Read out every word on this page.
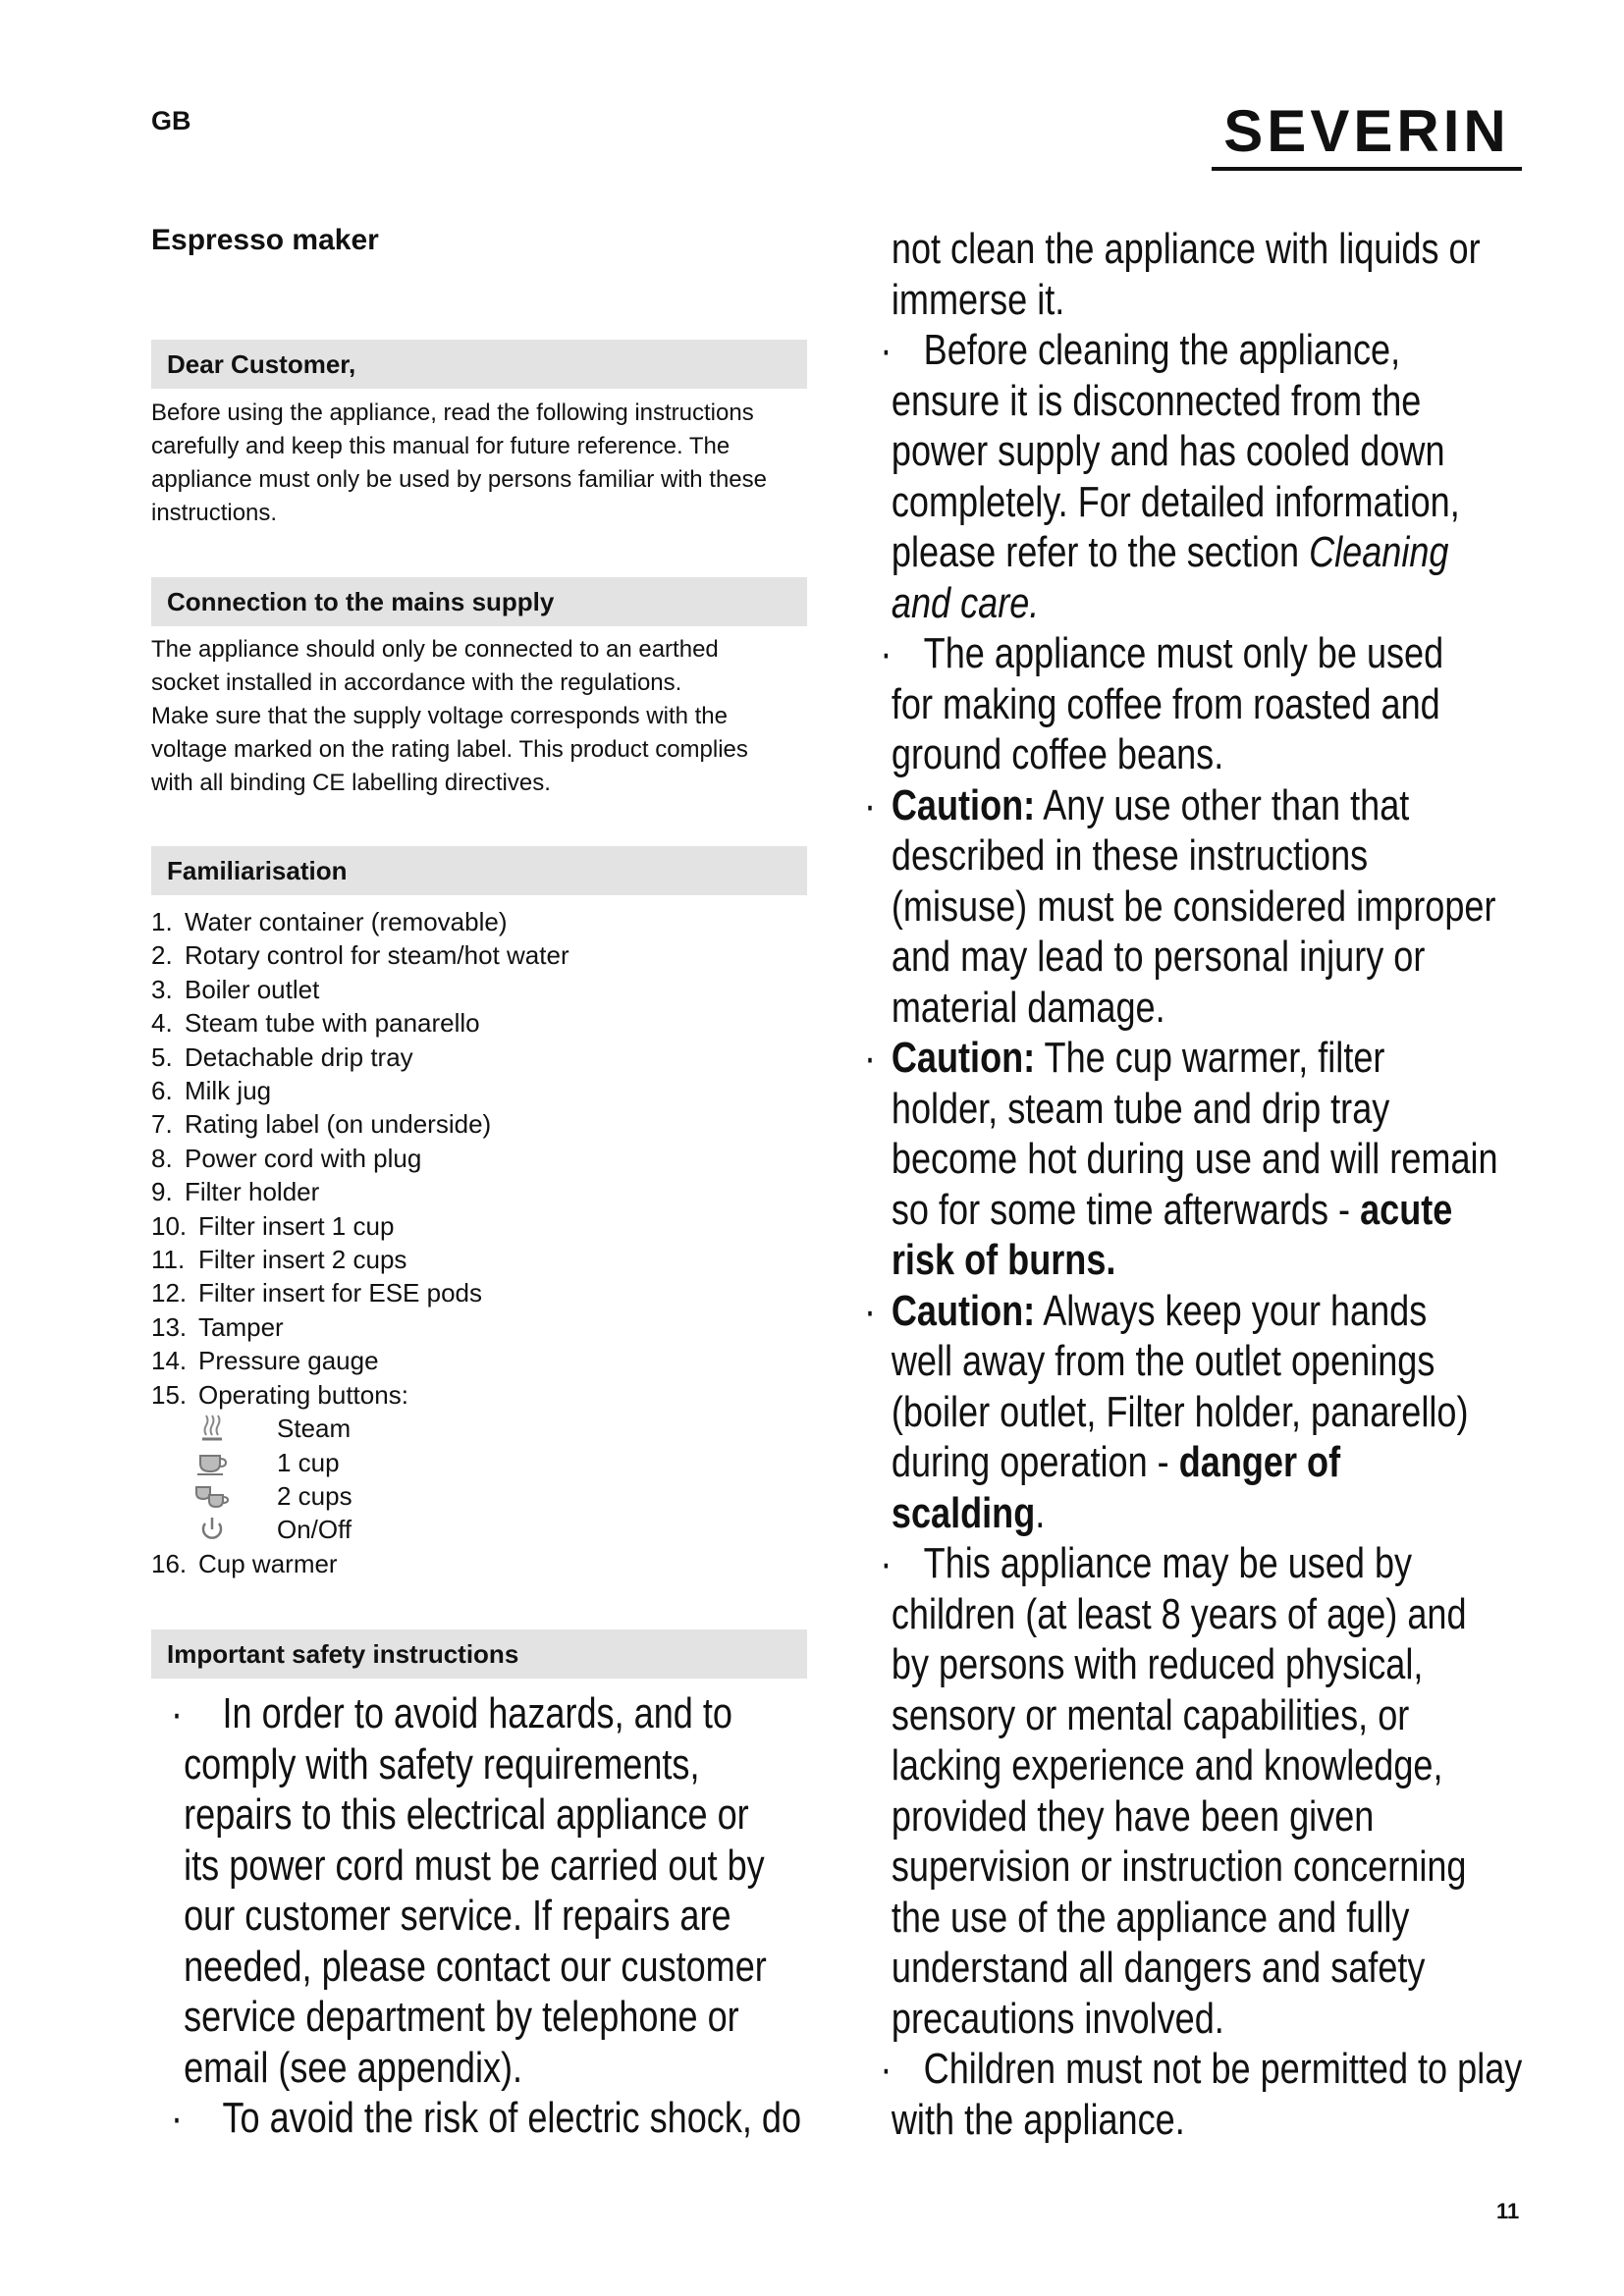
GB	SEVERIN
Espresso maker
Dear Customer,

Before using the appliance, read the following instructions

carefully and keep this manual for future reference. The

appliance must only be used by persons familiar with these

instructions.

Connection to the mains supply

The appliance should only be connected to an earthed

socket installed in accordance with the regulations.

Make sure that the supply voltage corresponds with the

voltage marked on the rating label. This product complies

with all binding CE labelling directives.

Familiarisation
1. Water container (removable)
2. Rotary control for steam/hot water
3. Boiler outlet
4. Steam tube with panarello
5. Detachable drip tray
6. Milk jug
7. Rating label (on underside)
8. Power cord with plug
9. Filter holder
10. Filter insert 1 cup
11. Filter insert 2 cups
12. Filter insert for ESE pods
13. Tamper
14. Pressure gauge
15. Operating buttons:
Steam
1 cup
2 cups
On/Off
16. Cup warmer
Important safety instructions
· In order to avoid hazards, and to
comply with safety requirements,
repairs to this electrical appliance or
its power cord must be carried out by
our customer service. If repairs are
needed, please contact our customer
service department by telephone or
email (see appendix).
· To avoid the risk of electric shock, do
not clean the appliance with liquids or
immerse it.
· Before cleaning the appliance,
ensure it is disconnected from the
power supply and has cooled down
completely. For detailed information,
please refer to the section Cleaning
and care.
· The appliance must only be used
for making coffee from roasted and
ground coffee beans.
· Caution: Any use other than that
described in these instructions
(misuse) must be considered improper
and may lead to personal injury or
material damage.
· Caution: The cup warmer, filter
holder, steam tube and drip tray
become hot during use and will remain
so for some time afterwards - acute
risk of burns.
· Caution: Always keep your hands
well away from the outlet openings
(boiler outlet, Filter holder, panarello)
during operation - danger of
scalding.
· This appliance may be used by
children (at least 8 years of age) and
by persons with reduced physical,
sensory or mental capabilities, or
lacking experience and knowledge,
provided they have been given
supervision or instruction concerning
the use of the appliance and fully
understand all dangers and safety
precautions involved.
· Children must not be permitted to play
with the appliance.
11
